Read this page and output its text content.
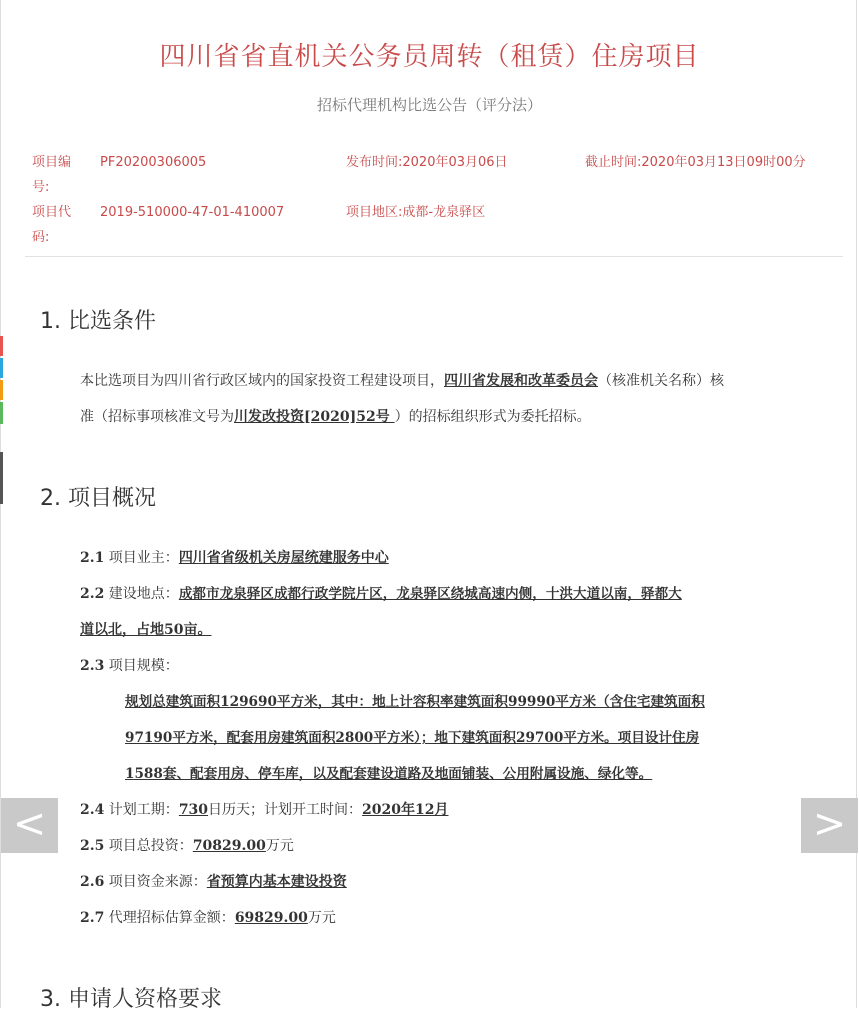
四川省省直机关公务员周转（租赁）住房项目
招标代理机构比选公告（评分法）
项目编
号:
PF20200306005	发布时间:2020年03月06日	截止时间:2020年03月13日09时00分
项目代
码:
2019-510000-47-01-410007	项目地区:成都-龙泉驿区
1. 比选条件
本比选项目为四川省行政区域内的国家投资工程建设项目，四川省发展和改革委员会（核准机关名称）核
准（招标事项核准文号为川发改投资[2020]52号 ）的招标组织形式为委托招标。
2. 项目概况
2.1 项目业主：四川省省级机关房屋统建服务中心
2.2 建设地点：成都市龙泉驿区成都行政学院片区，龙泉驿区绕城高速内侧，十洪大道以南，驿都大
道以北，占地50亩。
2.3 项目规模：
规划总建筑面积129690平方米，其中：地上计容积率建筑面积99990平方米（含住宅建筑面积
97190平方米，配套用房建筑面积2800平方米）；地下建筑面积29700平方米。项目设计住房
1588套、配套用房、停车库，以及配套建设道路及地面铺装、公用附属设施、绿化等。
2.4 计划工期：730日历天；计划开工时间：2020年12月
2.5 项目总投资：70829.00万元
2.6 项目资金来源：省预算内基本建设投资
2.7 代理招标估算金额：69829.00万元
3. 申请人资格要求
<	>
